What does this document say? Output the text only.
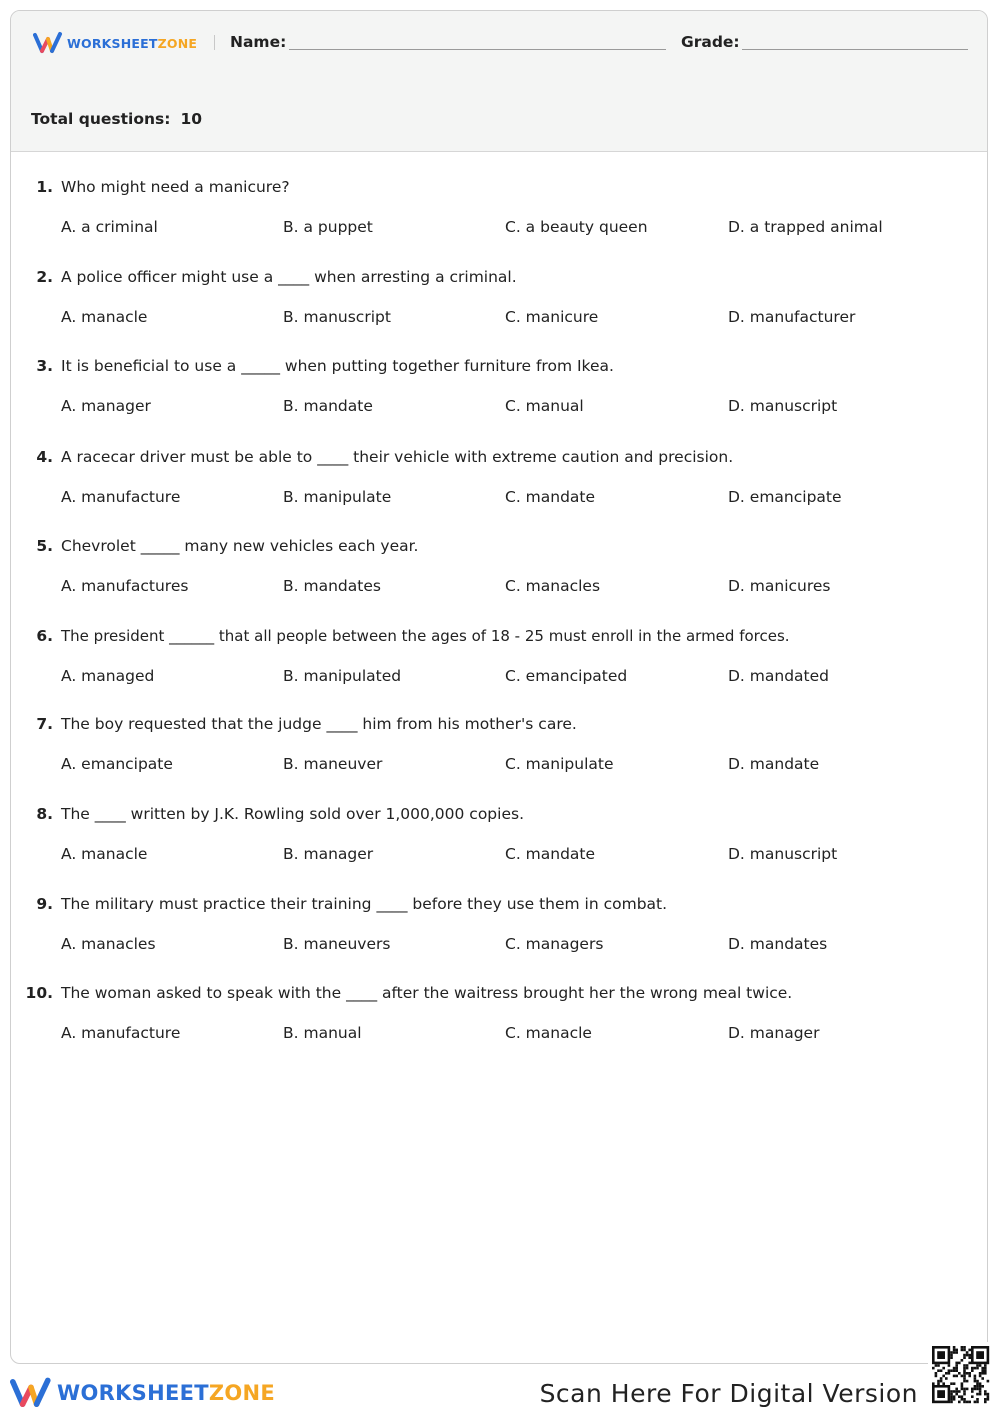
WORKSHEETZONE Name:	Grade:
Total questions: 10
1. Who might need a manicure?
A. a criminal	B. a puppet	C. a beauty queen	D. a trapped animal
2. A police officer might use a ____ when arresting a criminal.
A. manacle	B. manuscript	C. manicure	D. manufacturer
3. It is beneficial to use a _____ when putting together furniture from Ikea.
A. manager	B. mandate	C. manual	D. manuscript
4. A racecar driver must be able to ____ their vehicle with extreme caution and precision.
A. manufacture	B. manipulate	C. mandate	D. emancipate
5. Chevrolet _____ many new vehicles each year.
A. manufactures	B. mandates	C. manacles	D. manicures
6. The president ______ that all people between the ages of 18 - 25 must enroll in the armed forces.
A. managed	B. manipulated	C. emancipated	D. mandated
7. The boy requested that the judge ____ him from his mother's care.
A. emancipate	B. maneuver	C. manipulate	D. mandate
8. The ____ written by J.K. Rowling sold over 1,000,000 copies.
A. manacle	B. manager	C. mandate	D. manuscript
9. The military must practice their training ____ before they use them in combat.
A. manacles	B. maneuvers	C. managers	D. mandates
10. The woman asked to speak with the ____ after the waitress brought her the wrong meal twice.
A. manufacture	B. manual	C. manacle	D. manager
WORKSHEETZONE	Scan Here For Digital Version
